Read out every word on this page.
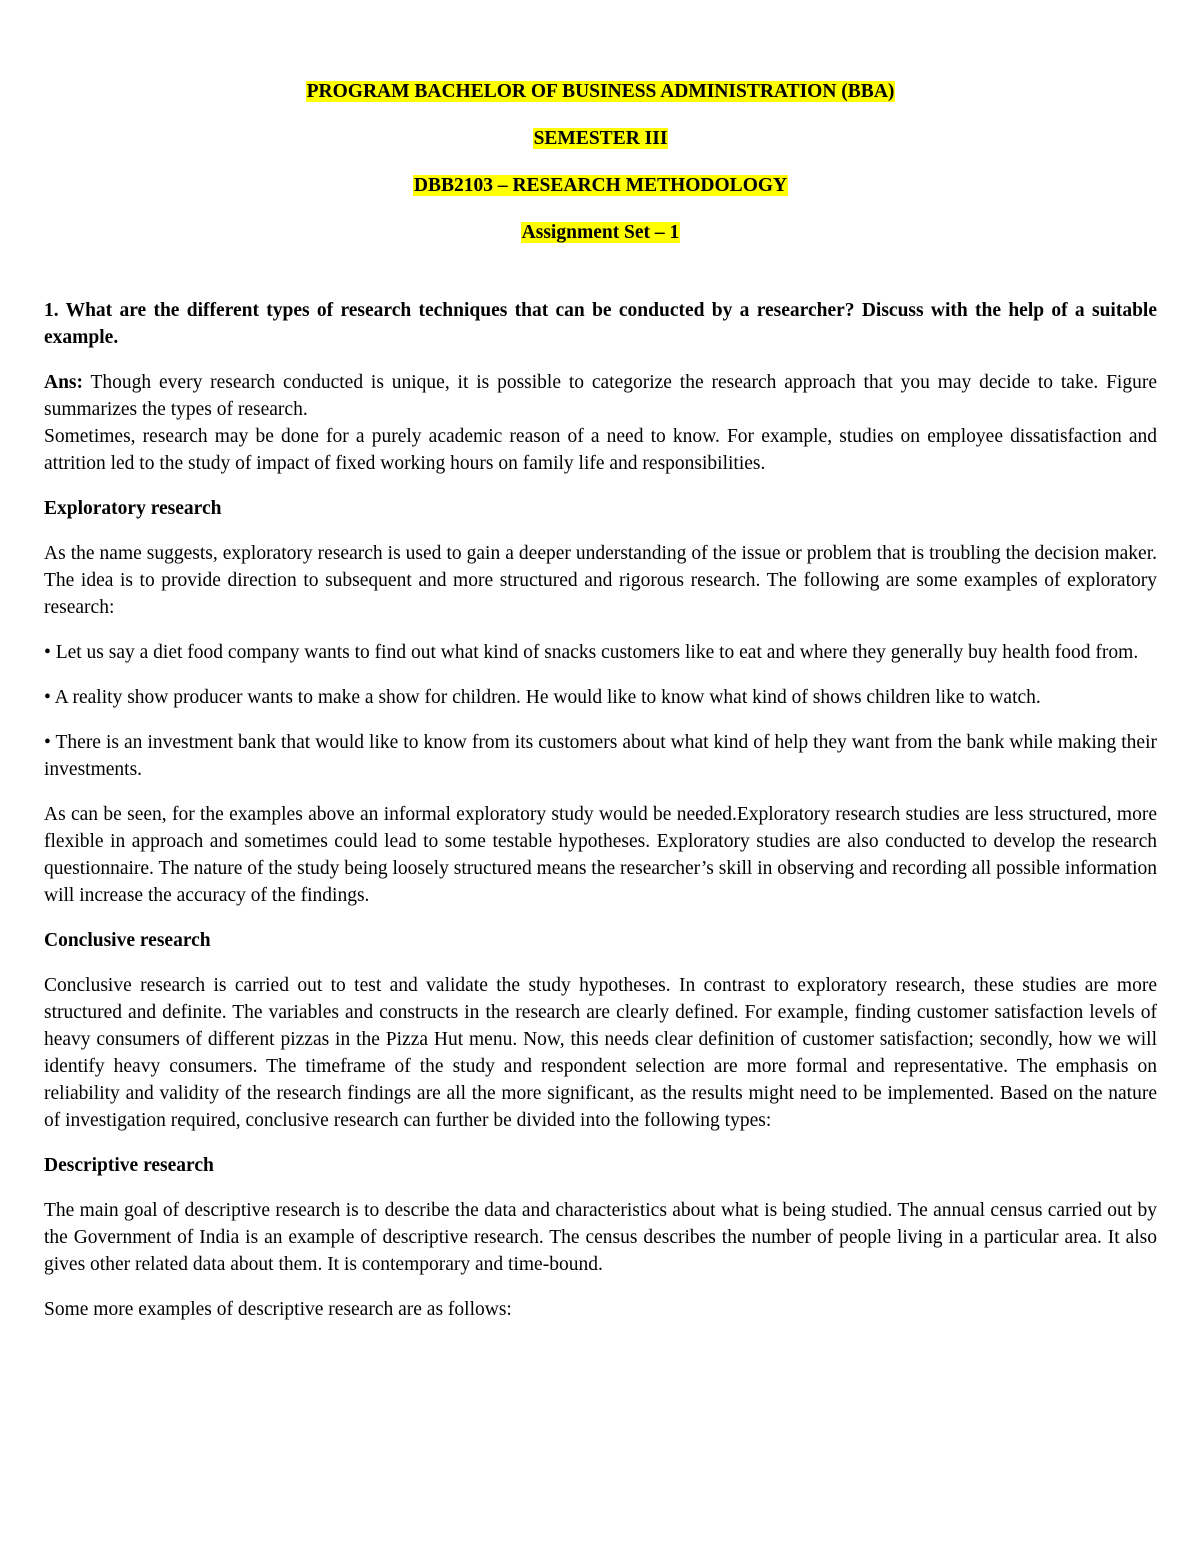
PROGRAM BACHELOR OF BUSINESS ADMINISTRATION (BBA)

SEMESTER III

DBB2103 – RESEARCH METHODOLOGY

Assignment Set – 1

1. What are the different types of research techniques that can be conducted by a researcher? Discuss with the help of a suitable example.

Ans: Though every research conducted is unique, it is possible to categorize the research approach that you may decide to take. Figure summarizes the types of research.

Sometimes, research may be done for a purely academic reason of a need to know. For example, studies on employee dissatisfaction and attrition led to the study of impact of fixed working hours on family life and responsibilities.

Exploratory research

As the name suggests, exploratory research is used to gain a deeper understanding of the issue or problem that is troubling the decision maker. The idea is to provide direction to subsequent and more structured and rigorous research. The following are some examples of exploratory research:

• Let us say a diet food company wants to find out what kind of snacks customers like to eat and where they generally buy health food from.

• A reality show producer wants to make a show for children. He would like to know what kind of shows children like to watch.

• There is an investment bank that would like to know from its customers about what kind of help they want from the bank while making their investments.

As can be seen, for the examples above an informal exploratory study would be needed.Exploratory research studies are less structured, more flexible in approach and sometimes could lead to some testable hypotheses. Exploratory studies are also conducted to develop the research questionnaire. The nature of the study being loosely structured means the researcher’s skill in observing and recording all possible information will increase the accuracy of the findings.

Conclusive research

Conclusive research is carried out to test and validate the study hypotheses. In contrast to exploratory research, these studies are more structured and definite. The variables and constructs in the research are clearly defined. For example, finding customer satisfaction levels of heavy consumers of different pizzas in the Pizza Hut menu. Now, this needs clear definition of customer satisfaction; secondly, how we will identify heavy consumers. The timeframe of the study and respondent selection are more formal and representative. The emphasis on reliability and validity of the research findings are all the more significant, as the results might need to be implemented. Based on the nature of investigation required, conclusive research can further be divided into the following types:

Descriptive research

The main goal of descriptive research is to describe the data and characteristics about what is being studied. The annual census carried out by the Government of India is an example of descriptive research. The census describes the number of people living in a particular area. It also gives other related data about them. It is contemporary and time-bound.

Some more examples of descriptive research are as follows:
